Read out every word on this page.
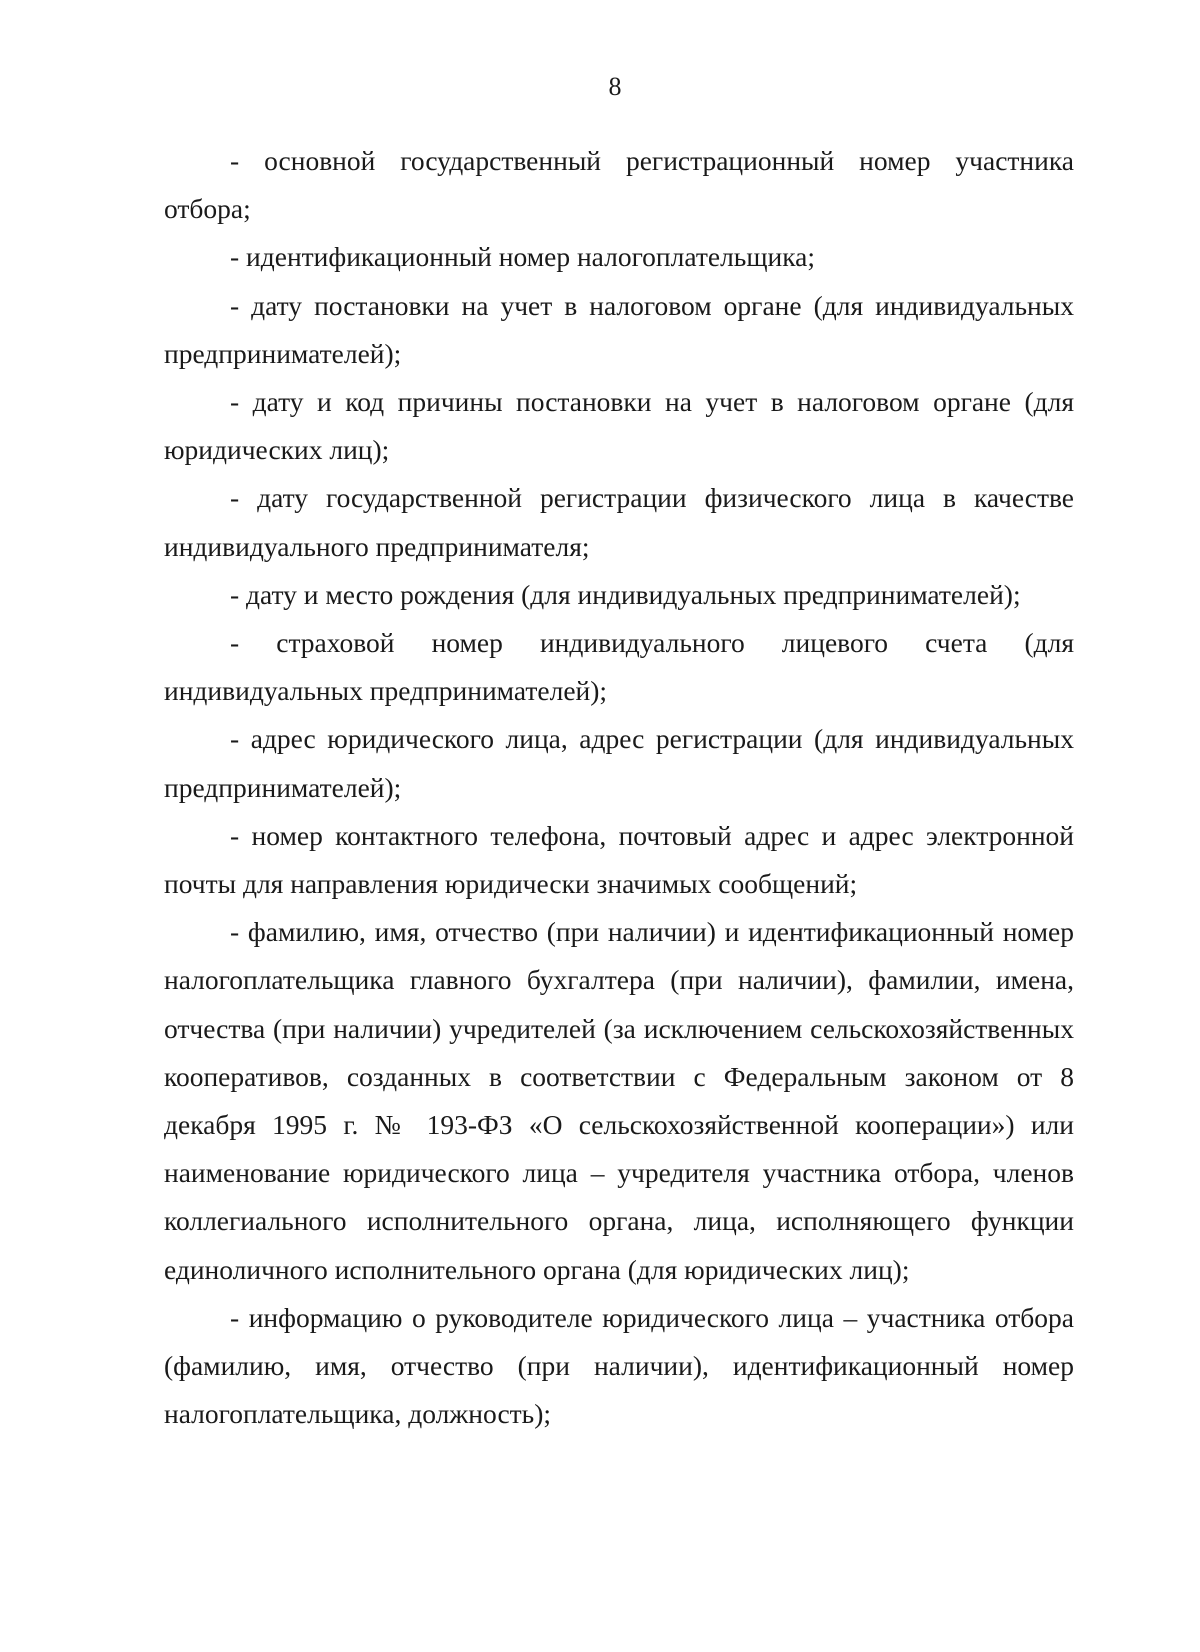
8

- основной государственный регистрационный номер участника отбора;

- идентификационный номер налогоплательщика;

- дату постановки на учет в налоговом органе (для индивидуальных предпринимателей);

- дату и код причины постановки на учет в налоговом органе (для юридических лиц);

- дату государственной регистрации физического лица в качестве индивидуального предпринимателя;

- дату и место рождения (для индивидуальных предпринимателей);

- страховой номер индивидуального лицевого счета (для индивидуальных предпринимателей);

- адрес юридического лица, адрес регистрации (для индивидуальных предпринимателей);

- номер контактного телефона, почтовый адрес и адрес электронной почты для направления юридически значимых сообщений;

- фамилию, имя, отчество (при наличии) и идентификационный номер налогоплательщика главного бухгалтера (при наличии), фамилии, имена, отчества (при наличии) учредителей (за исключением сельскохозяйственных кооперативов, созданных в соответствии с Федеральным законом от 8 декабря 1995 г. № 193-ФЗ «О сельскохозяйственной кооперации») или наименование юридического лица – учредителя участника отбора, членов коллегиального исполнительного органа, лица, исполняющего функции единоличного исполнительного органа (для юридических лиц);

- информацию о руководителе юридического лица – участника отбора (фамилию, имя, отчество (при наличии), идентификационный номер налогоплательщика, должность);
